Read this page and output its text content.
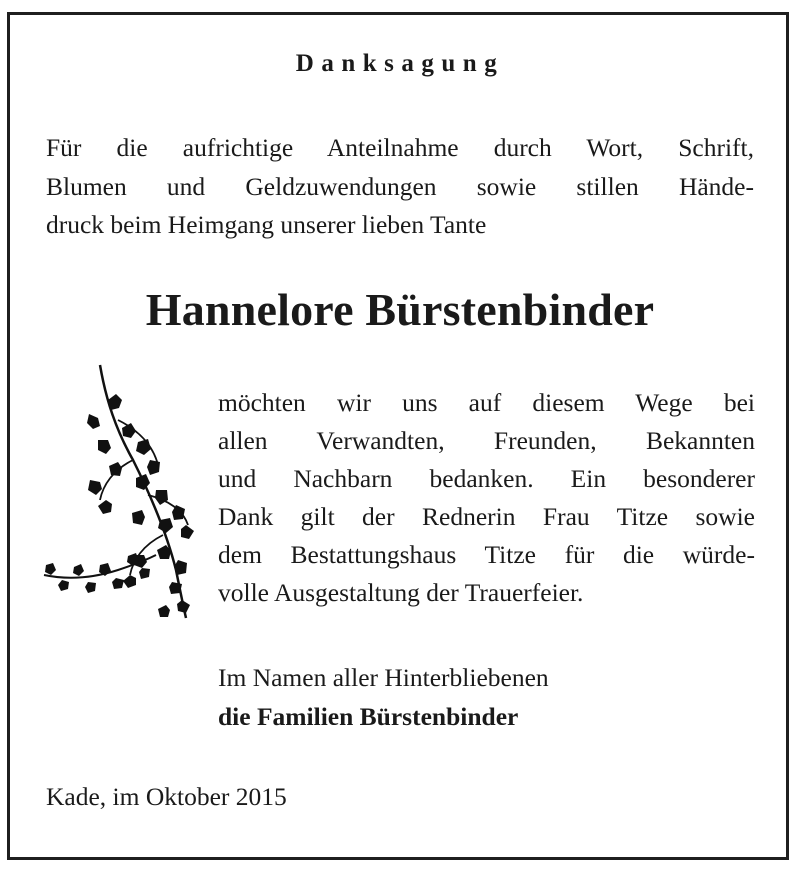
Danksagung
Für die aufrichtige Anteilnahme durch Wort, Schrift,
Blumen und Geldzuwendungen sowie stillen Hände-
druck beim Heimgang unserer lieben Tante
Hannelore Bürstenbinder
möchten wir uns auf diesem Wege bei
allen Verwandten, Freunden, Bekannten
und Nachbarn bedanken. Ein besonderer
Dank gilt der Rednerin Frau Titze sowie
dem Bestattungshaus Titze für die würde-
volle Ausgestaltung der Trauerfeier.
Im Namen aller Hinterbliebenen
die Familien Bürstenbinder
Kade, im Oktober 2015
